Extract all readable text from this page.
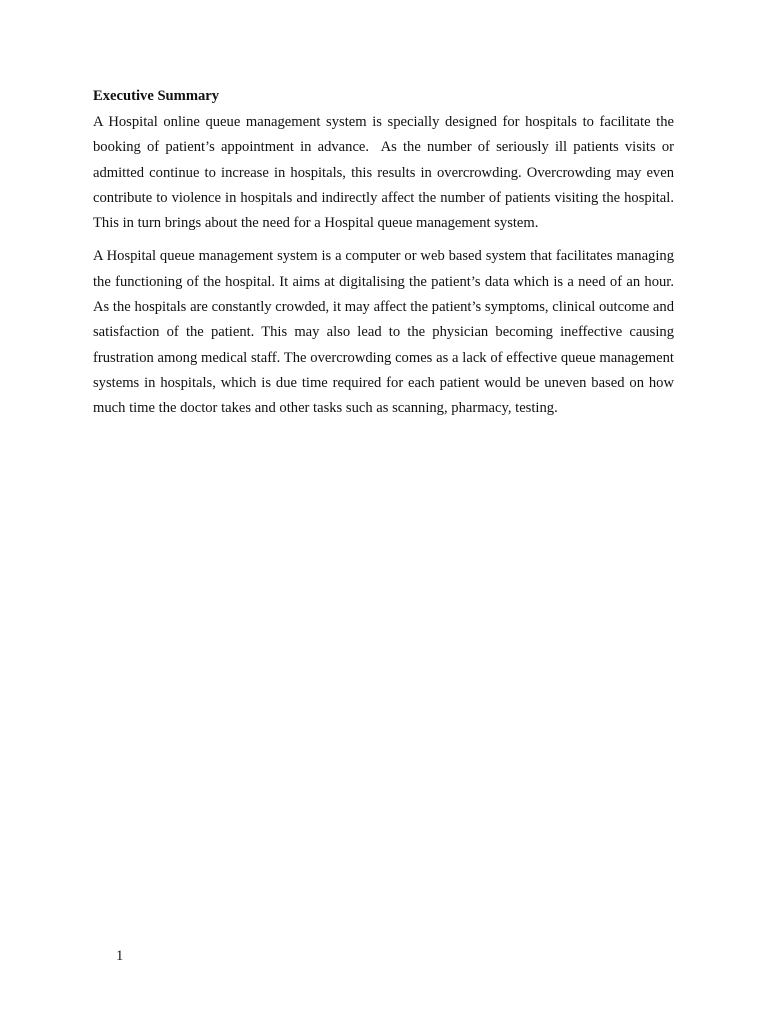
Executive Summary

A Hospital online queue management system is specially designed for hospitals to facilitate the booking of patient’s appointment in advance.  As the number of seriously ill patients visits or admitted continue to increase in hospitals, this results in overcrowding. Overcrowding may even contribute to violence in hospitals and indirectly affect the number of patients visiting the hospital. This in turn brings about the need for a Hospital queue management system.

A Hospital queue management system is a computer or web based system that facilitates managing the functioning of the hospital. It aims at digitalising the patient’s data which is a need of an hour. As the hospitals are constantly crowded, it may affect the patient’s symptoms, clinical outcome and satisfaction of the patient. This may also lead to the physician becoming ineffective causing frustration among medical staff. The overcrowding comes as a lack of effective queue management systems in hospitals, which is due time required for each patient would be uneven based on how much time the doctor takes and other tasks such as scanning, pharmacy, testing.

1
